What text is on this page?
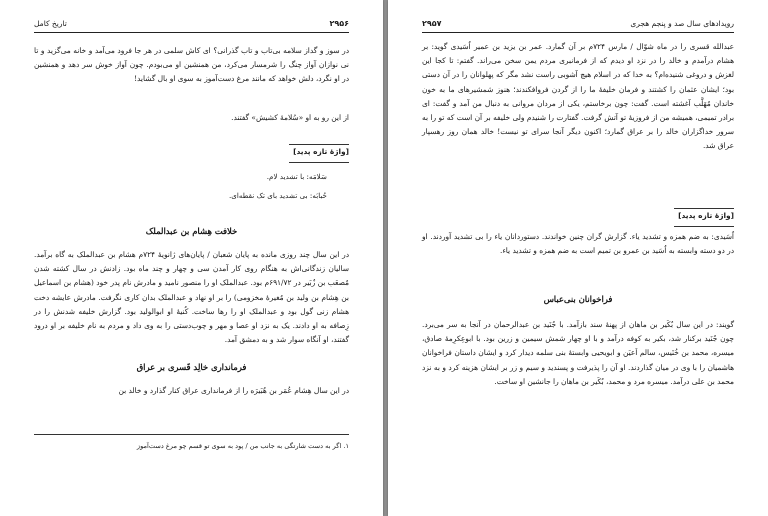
۲۹۵۶
تاریخ کامل

در سوز و گداز سلامه بی‌تاب و تاب گذرانی؟ ای کاش سلمی در هر جا فرود می‌آمد و خانه می‌گزید و تا نی نوازان آواز چنگ را شرمسار می‌کرد، من همنشین او می‌بودم. چون آواز خوش سر دهد و همنشین در او نگرد، دلش خواهد که مانند مرغ دست‌آموز به سوی او بال گشاید!

از این رو به او «سُلامهٔ کشیش» گفتند.

[واژهٔ تازه پدید]
سَلامَه: با تشدید لام.
حُبابَه: بی تشدید بای تک نقطه‌ای.
خلافت هِشام بن عبدالملک

در این سال چند روزی مانده به پایان شعبان / پایان‌های ژانویهٔ ۷۲۴م هشام بن عبدالملک به گاه برآمد. سالیان زندگانی‌اش به هنگام روی کار آمدن سی و چهار و چند ماه بود. زادنش در سال کشته شدن مُصعَب بن زُبَیر در ۶۹۱/۷۲م بود. عبدالملک او را منصور نامید و مادرش نام پدر خود (هشام بن اسماعیل بن هِشام بن ولید بن مُغیرهٔ مخزومی) را بر او نهاد و عبدالملک بدان کاری نگرفت. مادرش عایشه دخت هشام زنی گول بود و عبدالملک او را رها ساخت. کُنیهٔ او ابوالولید بود. گزارش خلیفه شدنش را در زِصافه به او دادند. یک به نزد او عصا و مهر و چوب‌دستی را به وی داد و مردم به نام خلیفه بر او درود گفتند، او آنگاه سوار شد و به دمشق آمد.

فرمانداری خالِد قَسری بر عراق

در این سال هِشام عُمَر بن هُبَیرَه را از فرمانداری عراق کنار گذارد و خالد بن

۱. اگر به دست شارتگی به جانب من / پود به سوی تو قسم چو مرغ دست‌آموز
۲۹۵۷	رویدادهای سال صد و پنجم هجری

عبدالله قسری را در ماه شوّال / مارس ۷۲۴م بر آن گمارد. عمر بن یزید بن عمیر اُسَیدی گوید: بر هشام درآمدم و خالد را در نزد او دیدم که از فرمانبری مردم یمن سخن می‌راند. گفتم: تا کجا این لغزش و دروغی شنیده‌ام؟ به خدا که در اسلام هیچ آشوبی راست نشد مگر که پهلوانان را در آن دستی بود؛ ایشان عثمان را کشتند و فرمان خلیفهٔ ما را از گردن فروافکندند؛ هنوز شمشیرهای ما به خون خاندان مُهَلَّب آغشته است. گفت: چون برخاستم، یکی از مردان مروانی به دنبال من آمد و گفت: ای برادر تمیمی، همیشه من از فروزیهٔ تو آتش گرفت. گفتارت را شنیدم ولی خلیفه بر آن است که تو را به سرور خداگزاران خالد را بر عراق گمارد؛ اکنون دیگر آنجا سرای تو نیست! خالد همان روز رهسپار عراق شد.

[واژهٔ تازه پدید]

اُسَیدی: به ضم همزه و تشدید یاء. گزارش گران چنین خواندند. دستوردانان یاء را بی تشدید آوردند. او در دو دسته وابسته به اُسَید بن عمرو بن تمیم است به ضم همزه و تشدید یاء.

فراخوانان بنی‌عباس

گویند: در این سال بُکَیر بن ماهان از پهنهٔ سند بازآمد. با جُنَید بن عبدالرحمان در آنجا به سر می‌برد. چون جُنَید برکنار شد، بکیر به کوفه درآمد و با او چهار شمش سیمین و زرین بود. با ابوعِکرِمهٔ صادق، میسره، محمد بن خُنَیس، سالم اَعیَن و ابویحیی وابستهٔ بنی سلمه دیدار کرد و ایشان داستان فراخوانان هاشمیان را با وی در میان گذاردند. او آن را پذیرفت و پسندید و سیم و زر بر ایشان هزینه کرد و به نزد محمد بن علی درآمد. میسره مرد و محمد، بُکَیر بن ماهان را جانشین او ساخت.
